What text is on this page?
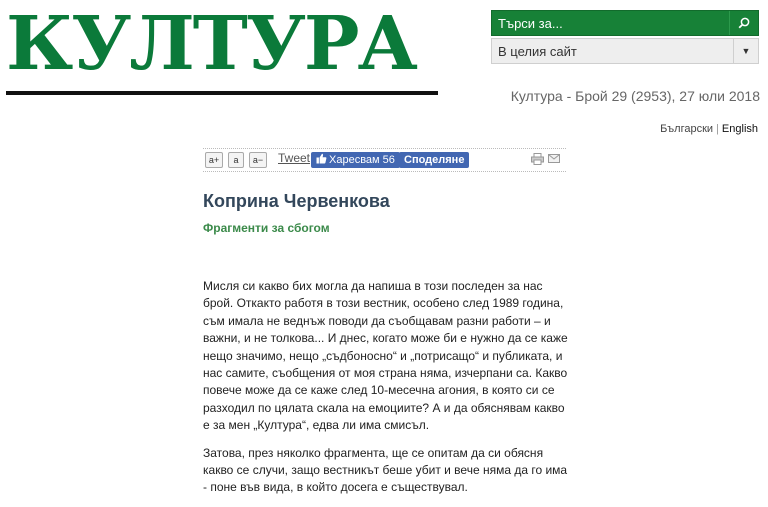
КУЛТУРА
Търси за...	В целия сайт	▼
Култура - Брой 29 (2953), 27 юли 2018
Български | English
a+	a	a−	Tweet	Харесвам 56 Споделяне
Коприна Червенкова
Фрагменти за сбогом

Мисля си какво бих могла да напиша в този последен за нас брой. Откакто работя в този вестник, особено след 1989 година, съм имала не веднъж поводи да съобщавам разни работи – и важни, и не толкова... И днес, когато може би е нужно да се каже нещо значимо, нещо „съдбоносно“ и „потрисащо“ и публиката, и нас самите, съобщения от моя страна няма, изчерпани са. Какво повече може да се каже след 10-месечна агония, в която си се разходил по цялата скала на емоциите? А и да обяснявам какво е за мен „Култура“, едва ли има смисъл.

Затова, през няколко фрагмента, ще се опитам да си обясня какво се случи, защо вестникът беше убит и вече няма да го има - поне във вида, в който досега е съществувал.
